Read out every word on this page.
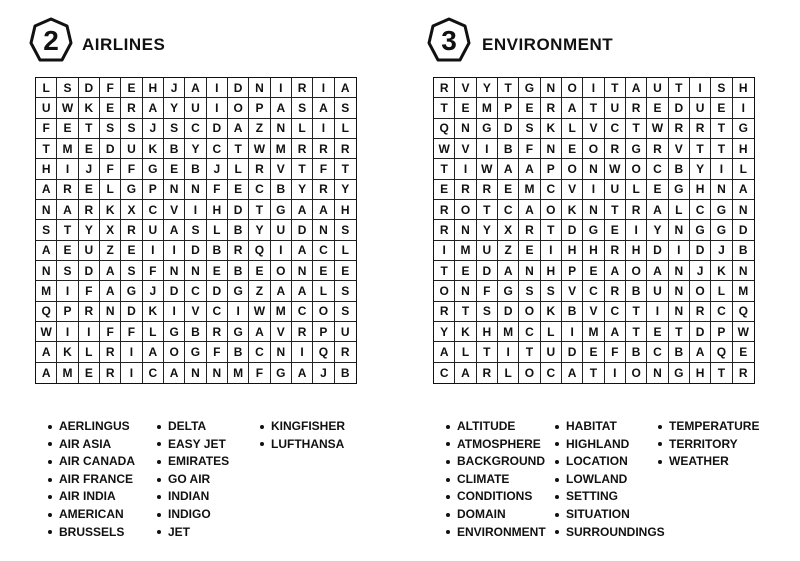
2	AIRLINES
L	S	D	F	E	H	J	A	I	D	N	I	R	I	A
U W K	E	R	A	Y	U	I	O	P	A	S	A	S
F	E	T	S	S	J	S	C	D	A	Z	N	L	I	L
T	M	E	D	U	K	B	Y	C	T	W M	R	R	R
H	I	J	F	F	G	E	B	J	L	R	V	T	F	T
A	R	E	L	G	P	N	N	F	E	C	B	Y	R	Y
N	A	R	K	X	C	V	I	H	D	T	G	A	A	H
S	T	Y	X	R	U	A	S	L	B	Y	U	D	N	S
A	E	U	Z	E	I	I	D	B	R	Q	I	A	C	L
N	S	D	A	S	F	N	N	E	B	E	O	N	E	E
M	I	F	A	G	J	D	C	D	G	Z	A	A	L	S
Q	P	R	N	D	K	I	V	C	I	W M	C	O	S
W	I	I	F	F	L	G	B	R	G	A	V	R	P	U
A	K	L	R	I	A	O G	F	B	C	N	I	Q	R
A M	E	R	I	C	A	N	N M	F	G	A	J	B
AERLINGUS
AIR ASIA
AIR CANADA
AIR FRANCE
AIR INDIA
AMERICAN
BRUSSELS
DELTA
EASY JET
EMIRATES
GO AIR
INDIAN
INDIGO
JET
KINGFISHER
LUFTHANSA
3	ENVIRONMENT
R	V	Y	T	G	N	O	I	T	A	U	T	I	S	H
T	E	M	P	E	R	A	T	U	R	E	D	U	E	I
Q	N	G	D	S	K	L	V	C	T	W R	R	T	G
W V	I	B	F	N	E	O	R	G	R	V	T	T	H
T	I	W A	A	P	O	N W O	C	B	Y	I	L
E	R	R	E	M	C	V	I	U	L	E	G	H	N	A
R	O	T	C	A	O	K	N	T	R	A	L	C	G	N
R	N	Y	X	R	T	D	G	E	I	Y	N	G G	D
I	M	U	Z	E	I	H	H	R	H	D	I	D	J	B
T	E	D	A	N	H	P	E	A	O	A	N	J	K	N
O	N	F	G	S	S	V	C	R	B	U	N	O	L	M
R	T	S	D	O	K	B	V	C	T	I	N	R	C	Q
Y	K	H M	C	L	I	M	A	T	E	T	D	P	W
A	L	T	I	T	U	D	E	F	B	C	B	A	Q	E
C	A	R	L	O	C	A	T	I	O	N	G	H	T	R
ALTITUDE
ATMOSPHERE
BACKGROUND
CLIMATE
CONDITIONS
DOMAIN
ENVIRONMENT
HABITAT
HIGHLAND
LOCATION
LOWLAND
SETTING
SITUATION
SURROUNDINGS
TEMPERATURE
TERRITORY
WEATHER
